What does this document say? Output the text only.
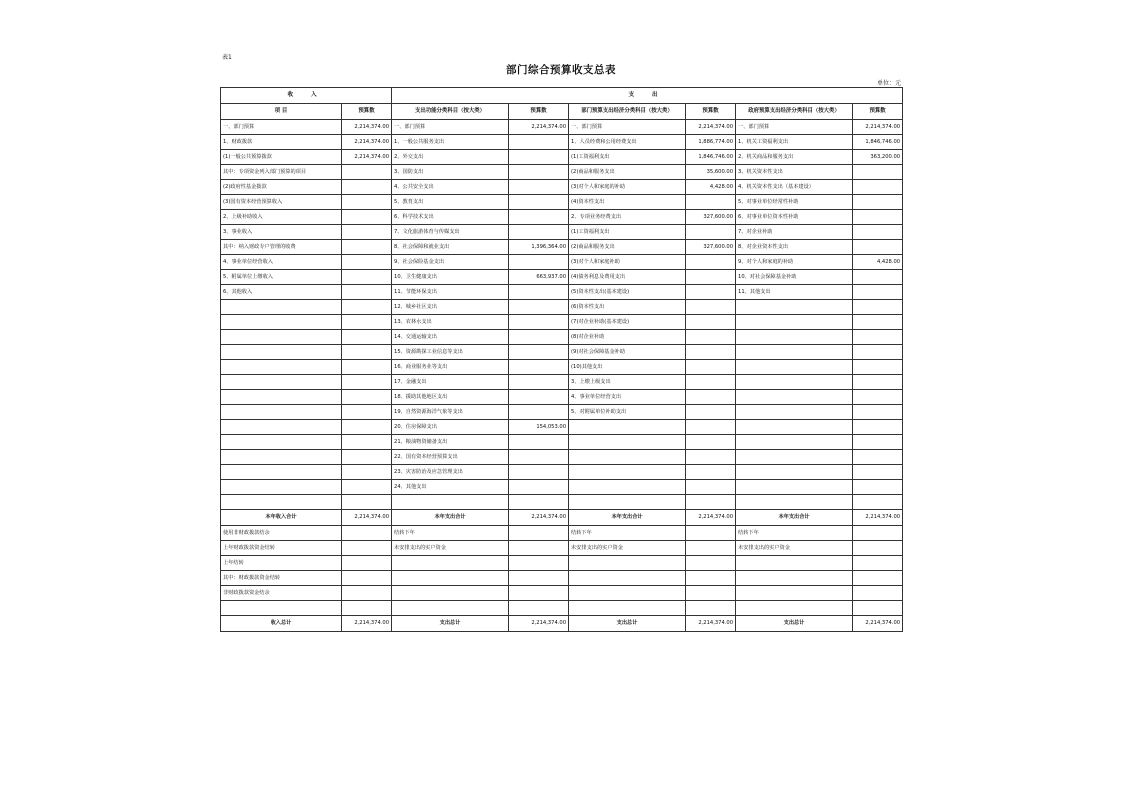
表1
部门综合预算收支总表
单位：元
收 入		支 出					
项 目	预算数	支出功能分类科目（按大类）	预算数	部门预算支出经济分类科目（按大类）	预算数	政府预算支出经济分类科目（按大类）	预算数
一、部门预算	2,214,374.00	一、部门预算	2,214,374.00	一、部门预算	2,214,374.00	一、部门预算	2,214,374.00
1、财政拨款	2,214,374.00	1、一般公共服务支出		1、人员经费和公用经费支出	1,886,774.00	1、机关工资福利支出	1,846,746.00
(1)一般公共预算拨款	2,214,374.00	2、外交支出		(1)工资福利支出	1,846,746.00	2、机关商品和服务支出	363,200.00
其中：专项资金列入部门预算的项目		3、国防支出		(2)商品和服务支出	35,600.00	3、机关资本性支出	
(2)政府性基金拨款		4、公共安全支出		(3)对个人和家庭的补助	4,428.00	4、机关资本性支出（基本建设）	
(3)国有资本经营预算收入		5、教育支出		(4)资本性支出		5、对事业单位经常性补助	
2、上级补助收入		6、科学技术支出		2、专项业务经费支出	327,600.00	6、对事业单位资本性补助	
3、事业收入		7、文化旅游体育与传媒支出		(1)工资福利支出		7、对企业补助	
其中：纳入财政专户管理的收费		8、社会保障和就业支出	1,396,364.00	(2)商品和服务支出	327,600.00	8、对企业资本性支出	
4、事业单位经营收入		9、社会保险基金支出		(3)对个人和家庭补助		9、对个人和家庭的补助	4,428.00
5、附属单位上缴收入		10、卫生健康支出	663,937.00	(4)债务利息及费用支出		10、对社会保障基金补助	
6、其他收入		11、节能环保支出		(5)资本性支出(基本建设)		11、其他支出	
		12、城乡社区支出		(6)资本性支出			
		13、农林水支出		(7)对企业补助(基本建设)			
		14、交通运输支出		(8)对企业补助			
		15、资源勘探工业信息等支出		(9)对社会保障基金补助			
		16、商业服务业等支出		(10)其他支出			
		17、金融支出		3、上缴上级支出			
		18、援助其他地区支出		4、事业单位经营支出			
		19、自然资源海洋气象等支出		5、对附属单位补助支出			
		20、住房保障支出	154,053.00				
		21、粮油物资储备支出					
		22、国有资本经营预算支出					
		23、灾害防治及应急管理支出					
		24、其他支出					

本年收入合计	2,214,374.00	本年支出合计	2,214,374.00	本年支出合计	2,214,374.00	本年支出合计	2,214,374.00
使用非财政拨款结余		结转下年		结转下年		结转下年	
上年财政拨款资金结转		未安排支出的实户资金		未安排支出的实户资金		未安排支出的实户资金	
上年结转							
其中：财政拨款资金结转							
非财政拨款资金结余							

收入总计	2,214,374.00	支出总计	2,214,374.00	支出总计	2,214,374.00	支出总计	2,214,374.00
